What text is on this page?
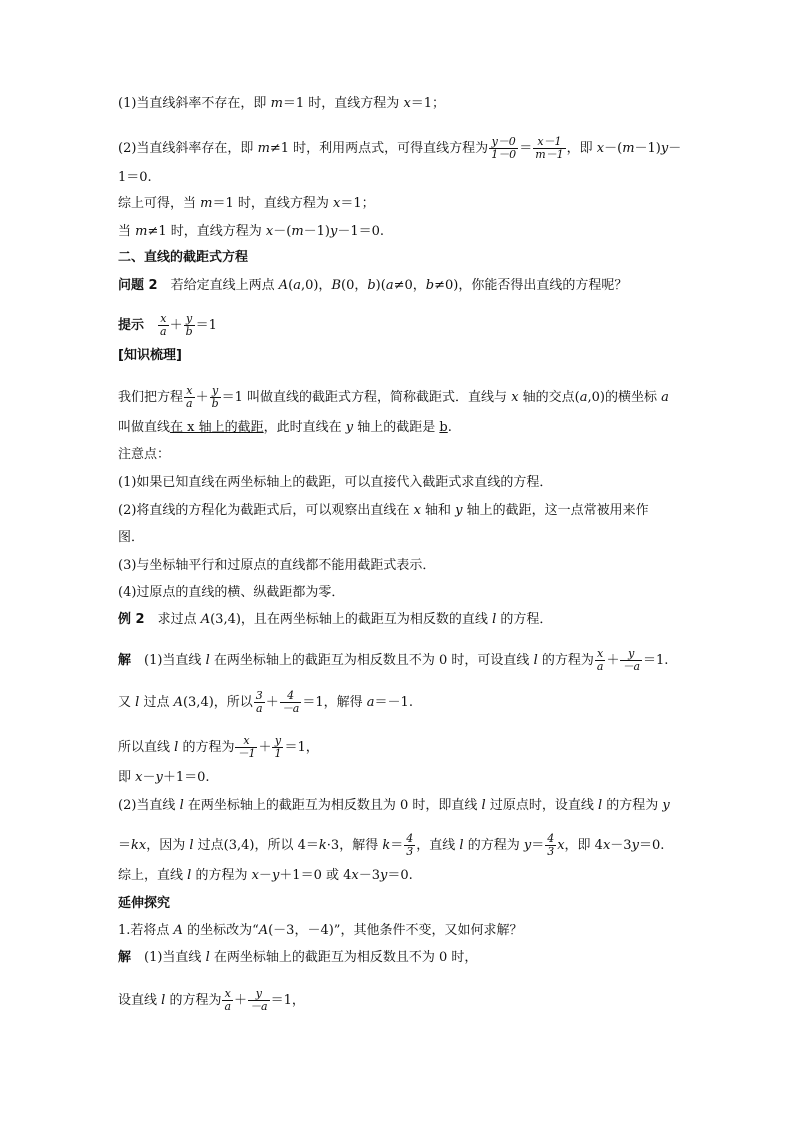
(1)当直线斜率不存在，即 m＝1 时，直线方程为 x＝1；
(2)当直线斜率存在，即 m≠1 时，利用两点式，可得直线方程为 $\frac{y-0}{1-0} = \frac{x-1}{m-1}$ ，即 x－(m－1)y－
1＝0.
综上可得，当 m＝1 时，直线方程为 x＝1；
当 m≠1 时，直线方程为 x－(m－1)y－1＝0.
二、直线的截距式方程
问题 2　若给定直线上两点 A(a,0)，B(0，b)(a≠0，b≠0)，你能否得出直线的方程呢？
提示　 $\frac{x}{a} + \frac{y}{b} =1$
[知识梳理]
我们把方程 $\frac{x}{a} + \frac{y}{b} =1$ 叫做直线的截距式方程，简称截距式．直线与 x 轴的交点(a,0)的横坐标 a
叫做直线在 x 轴上的截距，此时直线在 y 轴上的截距是 b.
注意点：
(1)如果已知直线在两坐标轴上的截距，可以直接代入截距式求直线的方程．
(2)将直线的方程化为截距式后，可以观察出直线在 x 轴和 y 轴上的截距，这一点常被用来作
图．
(3)与坐标轴平行和过原点的直线都不能用截距式表示．
(4)过原点的直线的横、纵截距都为零．
例 2　求过点 A(3,4)，且在两坐标轴上的截距互为相反数的直线 l 的方程．
解　(1)当直线 l 在两坐标轴上的截距互为相反数且不为 0 时，可设直线 l 的方程为 $\frac{x}{a} + \frac{y}{-a} =1$.
又 l 过点 A(3,4)，所以 $\frac{3}{a} + \frac{4}{-a} =1$，解得 a＝－1.
所以直线 l 的方程为 $\frac{x}{-1} + \frac{y}{1} =1$，
即 x－y＋1＝0.
(2)当直线 l 在两坐标轴上的截距互为相反数且为 0 时，即直线 l 过原点时，设直线 l 的方程为 y
＝kx，因为 l 过点(3,4)，所以 4＝k·3，解得 $k= \frac{4}{3}$ ，直线 l 的方程为 $y= \frac{4}{3}$ x，即 4x－3y＝0.
综上，直线 l 的方程为 x－y＋1＝0 或 4x－3y＝0.
延伸探究
1.若将点 A 的坐标改为“A(－3，－4)”，其他条件不变，又如何求解？
解　(1)当直线 l 在两坐标轴上的截距互为相反数且不为 0 时，
设直线 l 的方程为 $\frac{x}{a} + \frac{y}{-a} =1$，
